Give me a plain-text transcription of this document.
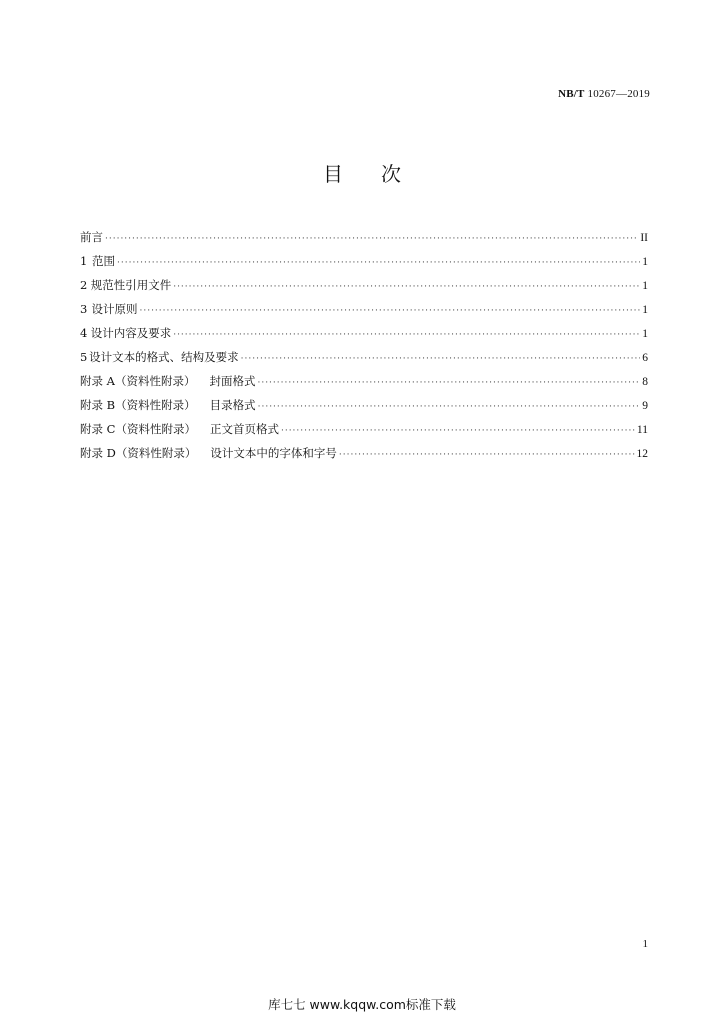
NB/T 10267—2019
目 次
前言 ·····	II
1 范围 ·····	1
2 规范性引用文件 ·····	1
3 设计原则 ·····	1
4 设计内容及要求 ·····	1
5 设计文本的格式、结构及要求 ·····	6
附录 A（资料性附录） 封面格式 ·····	8
附录 B（资料性附录） 目录格式 ·····	9
附录 C（资料性附录） 正文首页格式 ·····	11
附录 D（资料性附录） 设计文本中的字体和字号 ·····	12
1
库七七 www.kqqw.com标准下载
